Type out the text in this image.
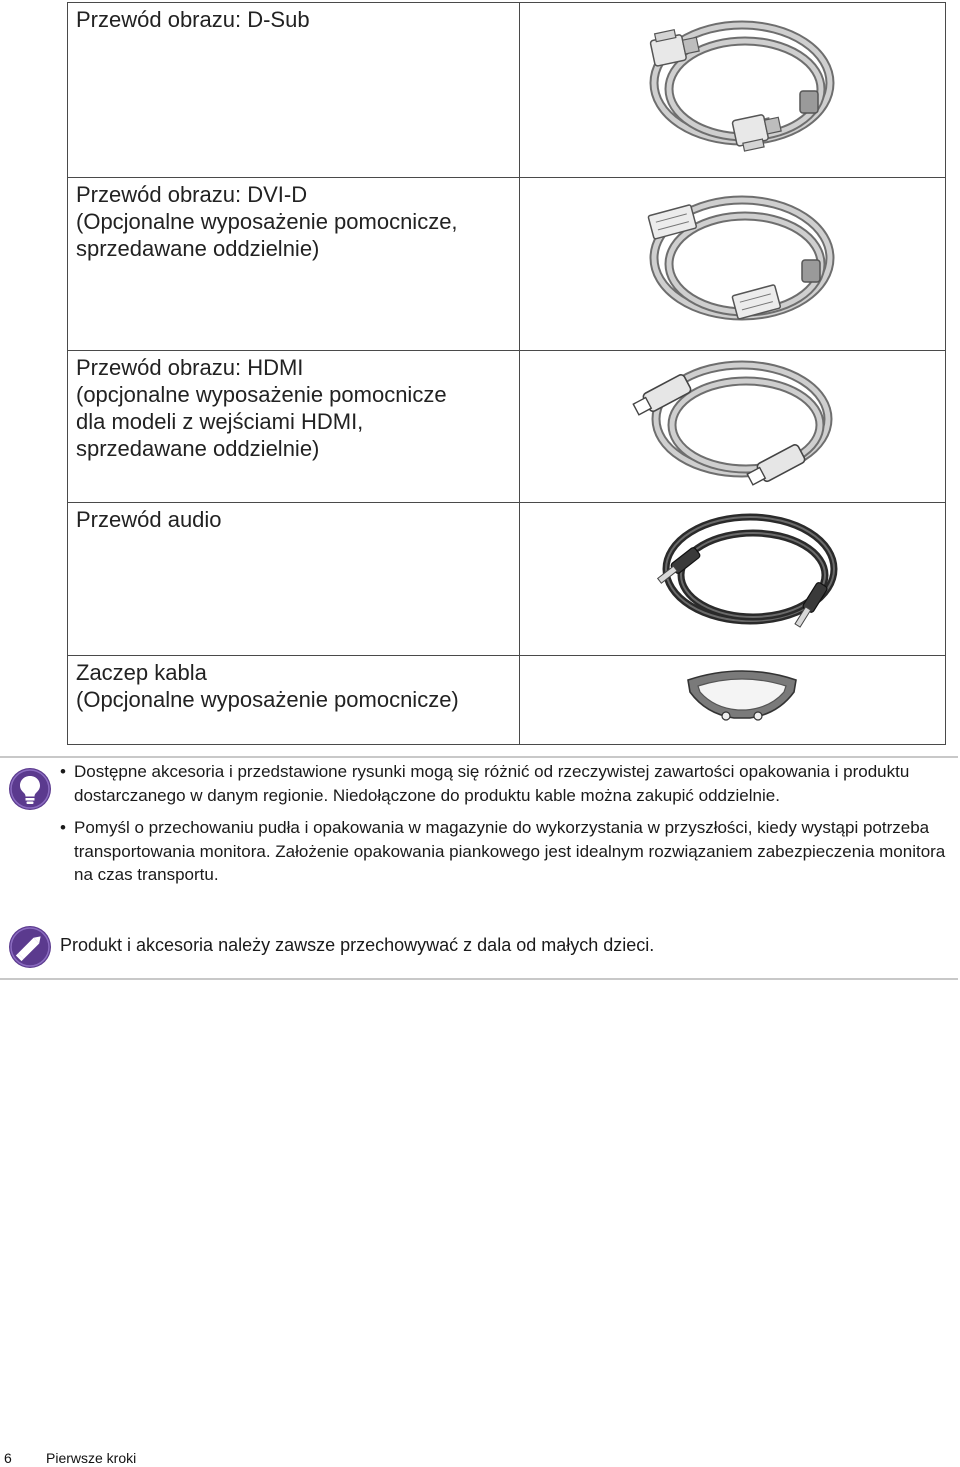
Przewód obrazu: D-Sub

Przewód obrazu: DVI-D
(Opcjonalne wyposażenie pomocnicze,
sprzedawane oddzielnie)

Przewód obrazu: HDMI
(opcjonalne wyposażenie pomocnicze
dla modeli z wejściami HDMI,
sprzedawane oddzielnie)

Przewód audio

Zaczep kabla
(Opcjonalne wyposażenie pomocnicze)

• Dostępne akcesoria i przedstawione rysunki mogą się różnić od rzeczywistej zawartości opakowania i produktu dostarczanego w danym regionie. Niedołączone do produktu kable można zakupić oddzielnie.
• Pomyśl o przechowaniu pudła i opakowania w magazynie do wykorzystania w przyszłości, kiedy wystąpi potrzeba transportowania monitora. Założenie opakowania piankowego jest idealnym rozwiązaniem zabezpieczenia monitora na czas transportu.
Produkt i akcesoria należy zawsze przechowywać z dala od małych dzieci.
6 Pierwsze kroki
